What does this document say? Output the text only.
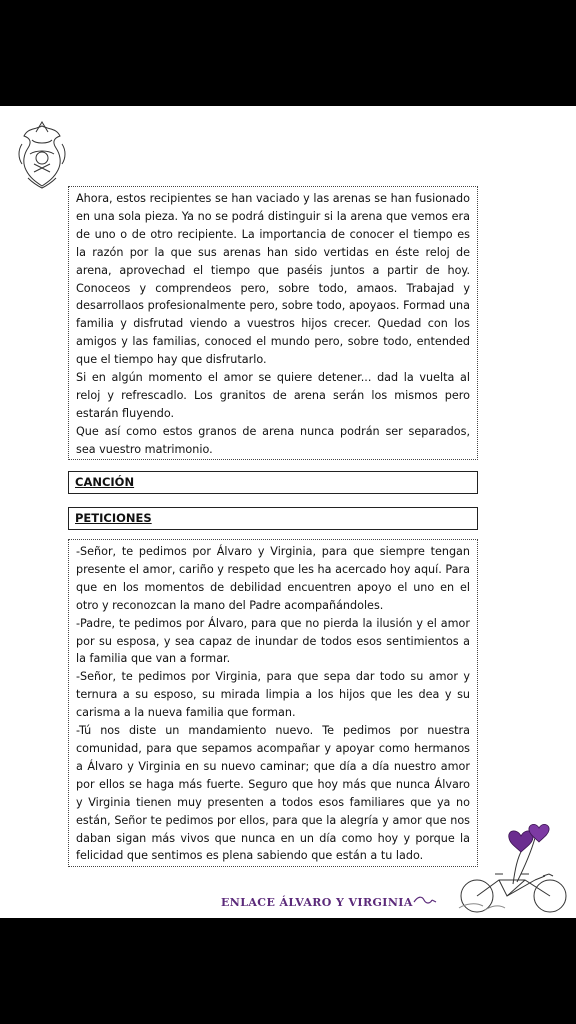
Ahora, estos recipientes se han vaciado y las arenas se han fusionado en una sola pieza. Ya no se podrá distinguir si la arena que vemos era de uno o de otro recipiente. La importancia de conocer el tiempo es la razón por la que sus arenas han sido vertidas en éste reloj de arena, aprovechad el tiempo que paséis juntos a partir de hoy. Conoceos y comprendeos pero, sobre todo, amaos. Trabajad y desarrollaos profesionalmente pero, sobre todo, apoyaos. Formad una familia y disfrutad viendo a vuestros hijos crecer. Quedad con los amigos y las familias, conoced el mundo pero, sobre todo, entended que el tiempo hay que disfrutarlo.

Si en algún momento el amor se quiere detener... dad la vuelta al reloj y refrescadlo. Los granitos de arena serán los mismos pero estarán fluyendo.

Que así como estos granos de arena nunca podrán ser separados, sea vuestro matrimonio.

CANCIÓN
PETICIONES

-Señor, te pedimos por Álvaro y Virginia, para que siempre tengan presente el amor, cariño y respeto que les ha acercado hoy aquí. Para que en los momentos de debilidad encuentren apoyo el uno en el otro y reconozcan la mano del Padre acompañándoles.

-Padre, te pedimos por Álvaro, para que no pierda la ilusión y el amor por su esposa, y sea capaz de inundar de todos esos sentimientos a la familia que van a formar.

-Señor, te pedimos por Virginia, para que sepa dar todo su amor y ternura a su esposo, su mirada limpia a los hijos que les dea y su carisma a la nueva familia que forman.

-Tú nos diste un mandamiento nuevo. Te pedimos por nuestra comunidad, para que sepamos acompañar y apoyar como hermanos a Álvaro y Virginia en su nuevo caminar; que día a día nuestro amor por ellos se haga más fuerte. Seguro que hoy más que nunca Álvaro y Virginia tienen muy presenten a todos esos familiares que ya no están, Señor te pedimos por ellos, para que la alegría y amor que nos daban sigan más vivos que nunca en un día como hoy y porque la felicidad que sentimos es plena sabiendo que están a tu lado.

ENLACE ÁLVARO Y VIRGINIA
